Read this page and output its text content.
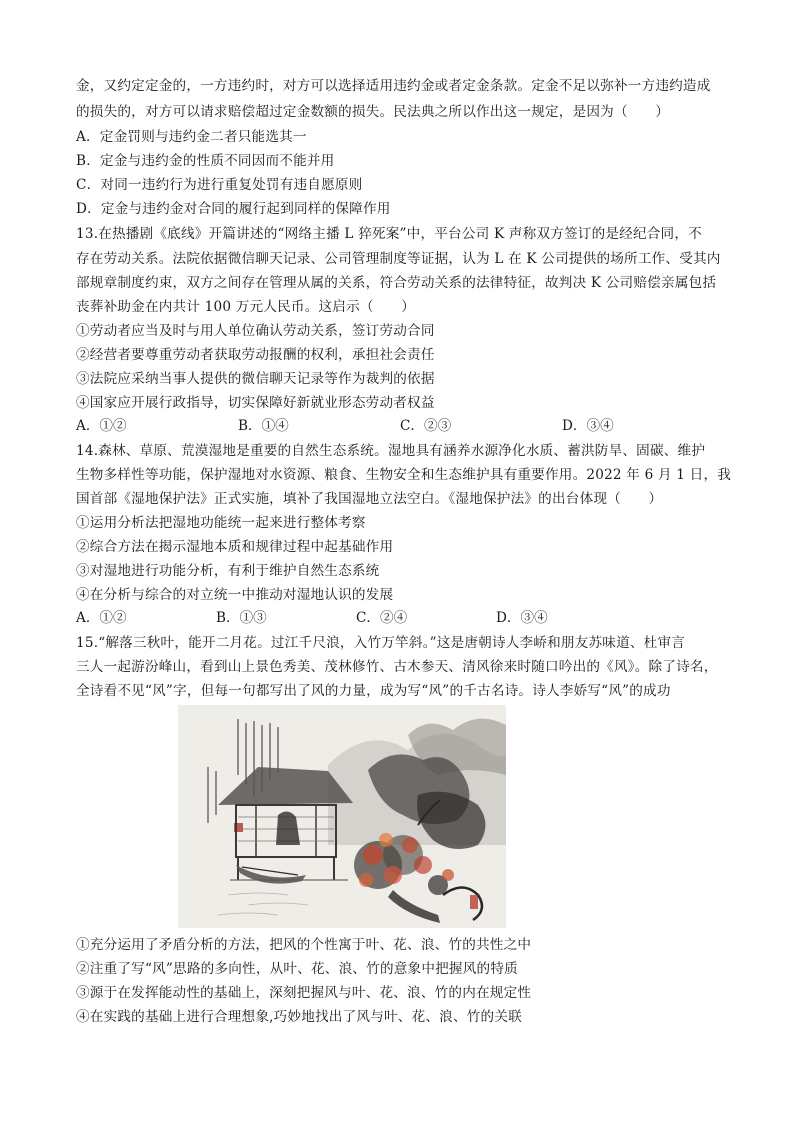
金，又约定定金的，一方违约时，对方可以选择适用违约金或者定金条款。定金不足以弥补一方违约造成
的损失的，对方可以请求赔偿超过定金数额的损失。民法典之所以作出这一规定，是因为（　　）
A．定金罚则与违约金二者只能选其一
B．定金与违约金的性质不同因而不能并用
C．对同一违约行为进行重复处罚有违自愿原则
D．定金与违约金对合同的履行起到同样的保障作用
13.在热播剧《底线》开篇讲述的“网络主播 L 猝死案”中，平台公司 K 声称双方签订的是经纪合同，不
存在劳动关系。法院依据微信聊天记录、公司管理制度等证据，认为 L 在 K 公司提供的场所工作、受其内
部规章制度约束，双方之间存在管理从属的关系，符合劳动关系的法律特征，故判决 K 公司赔偿亲属包括
丧葬补助金在内共计 100 万元人民币。这启示（　　）
①劳动者应当及时与用人单位确认劳动关系，签订劳动合同
②经营者要尊重劳动者获取劳动报酬的权利，承担社会责任
③法院应采纳当事人提供的微信聊天记录等作为裁判的依据
④国家应开展行政指导，切实保障好新就业形态劳动者权益
A．①②	B．①④	C．②③	D．③④
14.森林、草原、荒漠湿地是重要的自然生态系统。湿地具有涵养水源净化水质、蓄洪防旱、固碳、维护
生物多样性等功能，保护湿地对水资源、粮食、生物安全和生态维护具有重要作用。2022 年 6 月 1 日，我
国首部《湿地保护法》正式实施，填补了我国湿地立法空白。《湿地保护法》的出台体现（　　）
①运用分析法把湿地功能统一起来进行整体考察
②综合方法在揭示湿地本质和规律过程中起基础作用
③对湿地进行功能分析，有利于维护自然生态系统
④在分析与综合的对立统一中推动对湿地认识的发展
A．①②	B．①③	C．②④	D．③④
15.“解落三秋叶，能开二月花。过江千尺浪，入竹万竿斜。”这是唐朝诗人李峤和朋友苏味道、杜审言
三人一起游汾峰山，看到山上景色秀美、茂林修竹、古木参天、清风徐来时随口吟出的《风》。除了诗名，
全诗看不见“风”字，但每一句都写出了风的力量，成为写“风”的千古名诗。诗人李娇写“风”的成功
①充分运用了矛盾分析的方法，把风的个性寓于叶、花、浪、竹的共性之中
②注重了写“风”思路的多向性，从叶、花、浪、竹的意象中把握风的特质
③源于在发挥能动性的基础上，深刻把握风与叶、花、浪、竹的内在规定性
④在实践的基础上进行合理想象,巧妙地找出了风与叶、花、浪、竹的关联
